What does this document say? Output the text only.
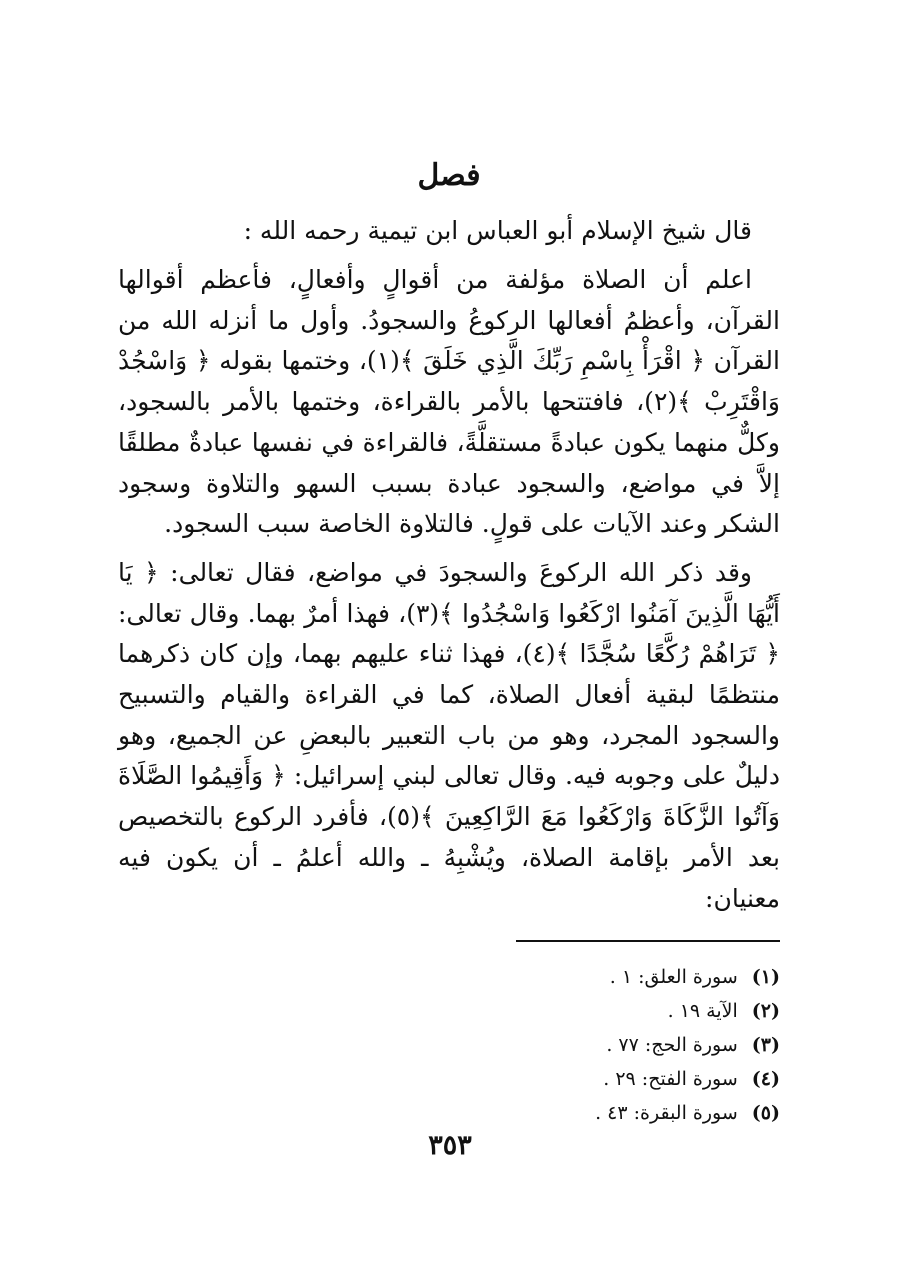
فصل

قال شيخ الإسلام أبو العباس ابن تيمية رحمه الله :

اعلم أن الصلاة مؤلفة من أقوالٍ وأفعالٍ، فأعظم أقوالها القرآن، وأعظمُ أفعالها الركوعُ والسجودُ. وأول ما أنزله الله من القرآن ﴿ اقْرَأْ بِاسْمِ رَبِّكَ الَّذِي خَلَقَ ﴾(١)، وختمها بقوله ﴿ وَاسْجُدْ وَاقْتَرِبْ ﴾(٢)، فافتتحها بالأمر بالقراءة، وختمها بالأمر بالسجود، وكلٌّ منهما يكون عبادةً مستقلَّةً، فالقراءة في نفسها عبادةٌ مطلقًا إلاَّ في مواضع، والسجود عبادة بسبب السهو والتلاوة وسجود الشكر وعند الآيات على قولٍ. فالتلاوة الخاصة سبب السجود.

وقد ذكر الله الركوعَ والسجودَ في مواضع، فقال تعالى: ﴿ يَا أَيُّهَا الَّذِينَ آمَنُوا ارْكَعُوا وَاسْجُدُوا ﴾(٣)، فهذا أمرٌ بهما. وقال تعالى: ﴿ تَرَاهُمْ رُكَّعًا سُجَّدًا ﴾(٤)، فهذا ثناء عليهم بهما، وإن كان ذكرهما منتظمًا لبقية أفعال الصلاة، كما في القراءة والقيام والتسبيح والسجود المجرد، وهو من باب التعبير بالبعضِ عن الجميع، وهو دليلٌ على وجوبه فيه. وقال تعالى لبني إسرائيل: ﴿ وَأَقِيمُوا الصَّلَاةَ وَآتُوا الزَّكَاةَ وَارْكَعُوا مَعَ الرَّاكِعِينَ ﴾(٥)، فأفرد الركوع بالتخصيص بعد الأمر بإقامة الصلاة، ويُشْبِهُ ـ والله أعلمُ ـ أن يكون فيه معنيان:

(١)
سورة العلق: ١ .
(٢)
الآية ١٩ .
(٣)
سورة الحج: ٧٧ .
(٤)
سورة الفتح: ٢٩ .
(٥)
سورة البقرة: ٤٣ .
٣٥٣
